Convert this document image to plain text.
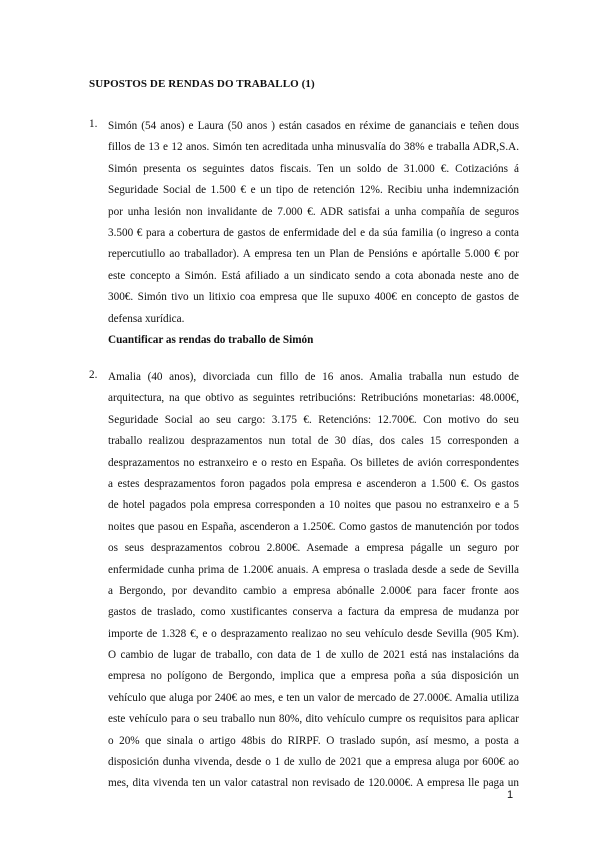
SUPOSTOS DE RENDAS DO TRABALLO (1)
1. Simón (54 anos) e Laura (50 anos ) están casados en réxime de gananciais e teñen dous
fillos de 13 e 12 anos. Simón ten acreditada unha minusvalía do 38% e traballa ADR,S.A.
Simón presenta os seguintes datos fiscais. Ten un soldo de 31.000 €. Cotizacións á
Seguridade Social de 1.500 € e un tipo de retención 12%. Recibiu unha indemnización
por unha lesión non invalidante de 7.000 €. ADR satisfai a unha compañía de seguros
3.500 € para a cobertura de gastos de enfermidade del e da súa familia (o ingreso a conta
repercutiullo ao traballador). A empresa ten un Plan de Pensións e apórtalle 5.000 € por
este concepto a Simón. Está afiliado a un sindicato sendo a cota abonada neste ano de
300€. Simón tivo un litixio coa empresa que lle supuxo 400€ en concepto de gastos de
defensa xurídica.
Cuantificar as rendas do traballo de Simón
2. Amalia (40 anos), divorciada cun fillo de 16 anos. Amalia traballa nun estudo de
arquitectura, na que obtivo as seguintes retribucións: Retribucións monetarias: 48.000€,
Seguridade Social ao seu cargo: 3.175 €. Retencións: 12.700€. Con motivo do seu
traballo realizou desprazamentos nun total de 30 días, dos cales 15 corresponden a
desprazamentos no estranxeiro e o resto en España. Os billetes de avión correspondentes
a estes desprazamentos foron pagados pola empresa e ascenderon a 1.500 €. Os gastos
de hotel pagados pola empresa corresponden a 10 noites que pasou no estranxeiro e a 5
noites que pasou en España, ascenderon a 1.250€. Como gastos de manutención por todos
os seus desprazamentos cobrou 2.800€. Asemade a empresa págalle un seguro por
enfermidade cunha prima de 1.200€ anuais. A empresa o traslada desde a sede de Sevilla
a Bergondo, por devandito cambio a empresa abónalle 2.000€ para facer fronte aos
gastos de traslado, como xustificantes conserva a factura da empresa de mudanza por
importe de 1.328 €, e o desprazamento realizao no seu vehículo desde Sevilla (905 Km).
O cambio de lugar de traballo, con data de 1 de xullo de 2021 está nas instalacións da
empresa no polígono de Bergondo, implica que a empresa poña a súa disposición un
vehículo que aluga por 240€ ao mes, e ten un valor de mercado de 27.000€. Amalia utiliza
este vehículo para o seu traballo nun 80%, dito vehículo cumpre os requisitos para aplicar
o 20% que sinala o artigo 48bis do RIRPF. O traslado supón, así mesmo, a posta a
disposición dunha vivenda, desde o 1 de xullo de 2021 que a empresa aluga por 600€ ao
mes, dita vivenda ten un valor catastral non revisado de 120.000€. A empresa lle paga un
1
